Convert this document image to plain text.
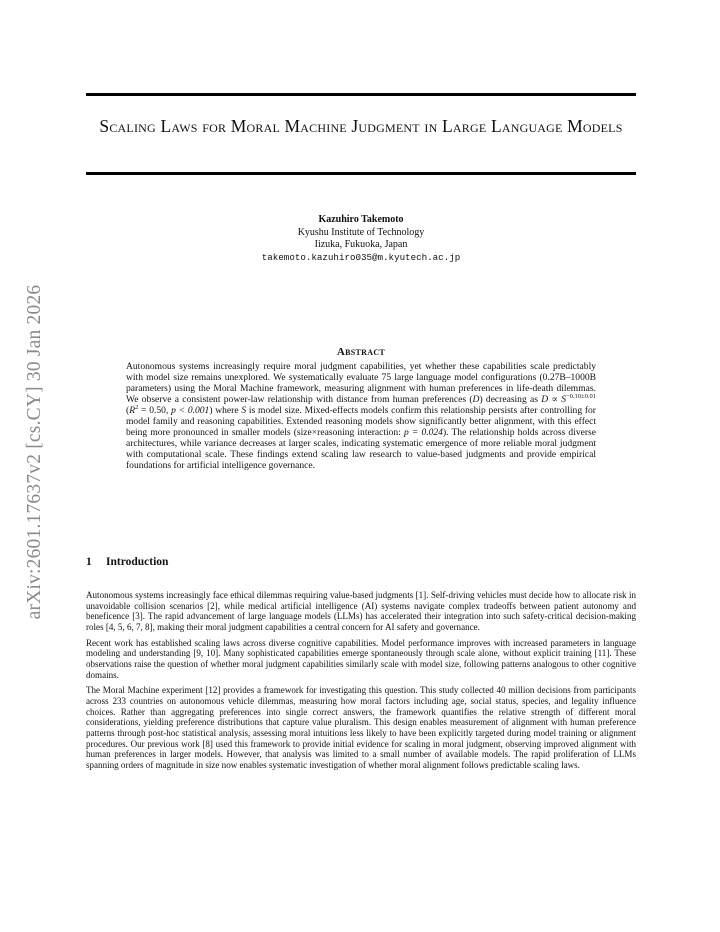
arXiv:2601.17637v2 [cs.CY] 30 Jan 2026
Scaling Laws for Moral Machine Judgment in Large Language Models
Kazuhiro Takemoto
Kyushu Institute of Technology
Iizuka, Fukuoka, Japan
takemoto.kazuhiro035@m.kyutech.ac.jp
Abstract

Autonomous systems increasingly require moral judgment capabilities, yet whether these capabilities scale predictably with model size remains unexplored. We systematically evaluate 75 large language model configurations (0.27B–1000B parameters) using the Moral Machine framework, measuring alignment with human preferences in life-death dilemmas. We observe a consistent power-law relationship with distance from human preferences (D) decreasing as $D \propto S^{-0.10\pm 0.01}$ ($R^2 = 0.50$, p < 0.001) where S is model size. Mixed-effects models confirm this relationship persists after controlling for model family and reasoning capabilities. Extended reasoning models show significantly better alignment, with this effect being more pronounced in smaller models (size×reasoning interaction: p = 0.024). The relationship holds across diverse architectures, while variance decreases at larger scales, indicating systematic emergence of more reliable moral judgment with computational scale. These findings extend scaling law research to value-based judgments and provide empirical foundations for artificial intelligence governance.

1 Introduction

Autonomous systems increasingly face ethical dilemmas requiring value-based judgments [1]. Self-driving vehicles must decide how to allocate risk in unavoidable collision scenarios [2], while medical artificial intelligence (AI) systems navigate complex tradeoffs between patient autonomy and beneficence [3]. The rapid advancement of large language models (LLMs) has accelerated their integration into such safety-critical decision-making roles [4, 5, 6, 7, 8], making their moral judgment capabilities a central concern for AI safety and governance.

Recent work has established scaling laws across diverse cognitive capabilities. Model performance improves with increased parameters in language modeling and understanding [9, 10]. Many sophisticated capabilities emerge spontaneously through scale alone, without explicit training [11]. These observations raise the question of whether moral judgment capabilities similarly scale with model size, following patterns analogous to other cognitive domains.

The Moral Machine experiment [12] provides a framework for investigating this question. This study collected 40 million decisions from participants across 233 countries on autonomous vehicle dilemmas, measuring how moral factors including age, social status, species, and legality influence choices. Rather than aggregating preferences into single correct answers, the framework quantifies the relative strength of different moral considerations, yielding preference distributions that capture value pluralism. This design enables measurement of alignment with human preference patterns through post-hoc statistical analysis, assessing moral intuitions less likely to have been explicitly targeted during model training or alignment procedures. Our previous work [8] used this framework to provide initial evidence for scaling in moral judgment, observing improved alignment with human preferences in larger models. However, that analysis was limited to a small number of available models. The rapid proliferation of LLMs spanning orders of magnitude in size now enables systematic investigation of whether moral alignment follows predictable scaling laws.
